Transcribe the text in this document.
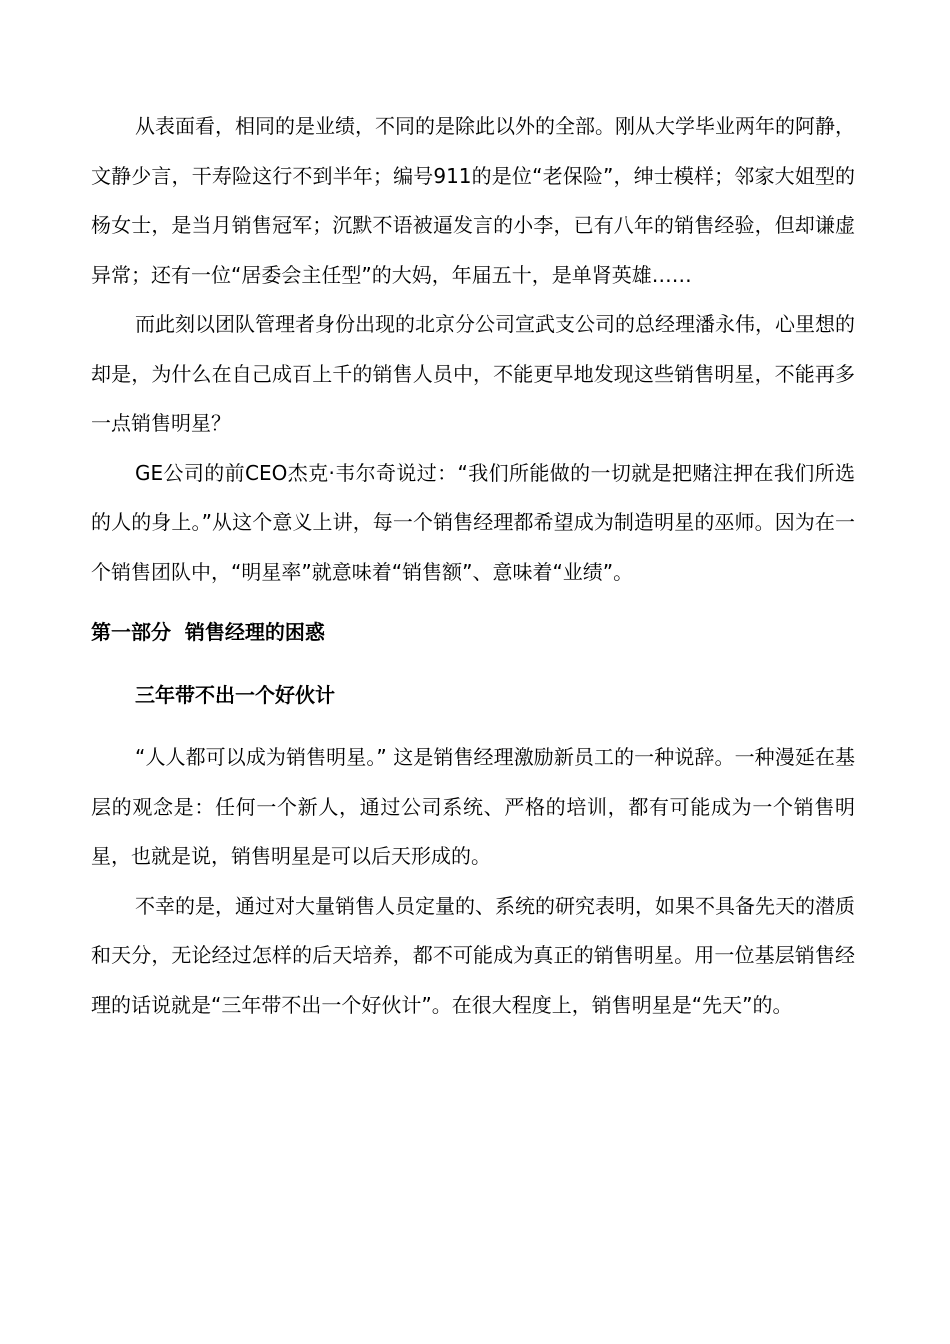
从表面看，相同的是业绩，不同的是除此以外的全部。刚从大学毕业两年的阿静，文静少言，干寿险这行不到半年；编号911的是位“老保险”，绅士模样；邻家大姐型的杨女士，是当月销售冠军；沉默不语被逼发言的小李，已有八年的销售经验，但却谦虚异常；还有一位“居委会主任型”的大妈，年届五十，是单肾英雄……

而此刻以团队管理者身份出现的北京分公司宣武支公司的总经理潘永伟，心里想的却是，为什么在自己成百上千的销售人员中，不能更早地发现这些销售明星，不能再多一点销售明星？

GE公司的前CEO杰克·韦尔奇说过：“我们所能做的一切就是把赌注押在我们所选的人的身上。”从这个意义上讲，每一个销售经理都希望成为制造明星的巫师。因为在一个销售团队中，“明星率”就意味着“销售额”、意味着“业绩”。

第一部分  销售经理的困惑

三年带不出一个好伙计

“人人都可以成为销售明星。” 这是销售经理激励新员工的一种说辞。一种漫延在基层的观念是：任何一个新人，通过公司系统、严格的培训，都有可能成为一个销售明星，也就是说，销售明星是可以后天形成的。

不幸的是，通过对大量销售人员定量的、系统的研究表明，如果不具备先天的潜质和天分，无论经过怎样的后天培养，都不可能成为真正的销售明星。用一位基层销售经理的话说就是“三年带不出一个好伙计”。在很大程度上，销售明星是“先天”的。
